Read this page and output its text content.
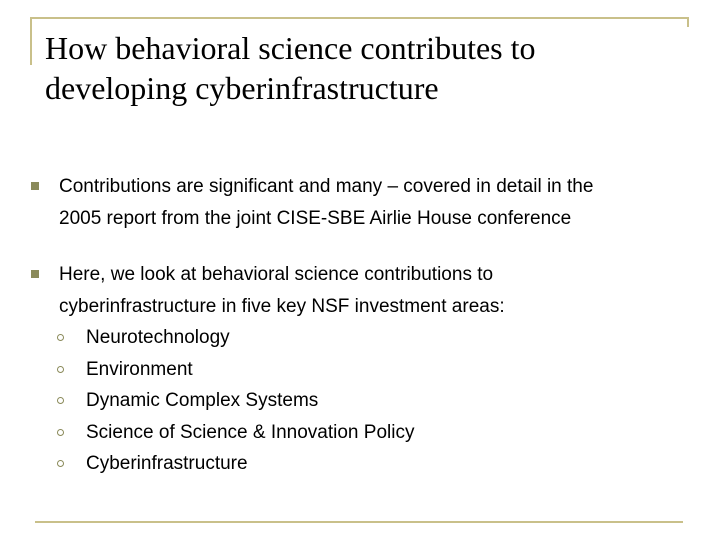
How behavioral science contributes to
developing cyberinfrastructure
Contributions are significant and many – covered in detail in the
2005 report from the joint CISE-SBE Airlie House conference
Here, we look at behavioral science contributions to
cyberinfrastructure in five key NSF investment areas:
Neurotechnology
Environment
Dynamic Complex Systems
Science of Science & Innovation Policy
Cyberinfrastructure
